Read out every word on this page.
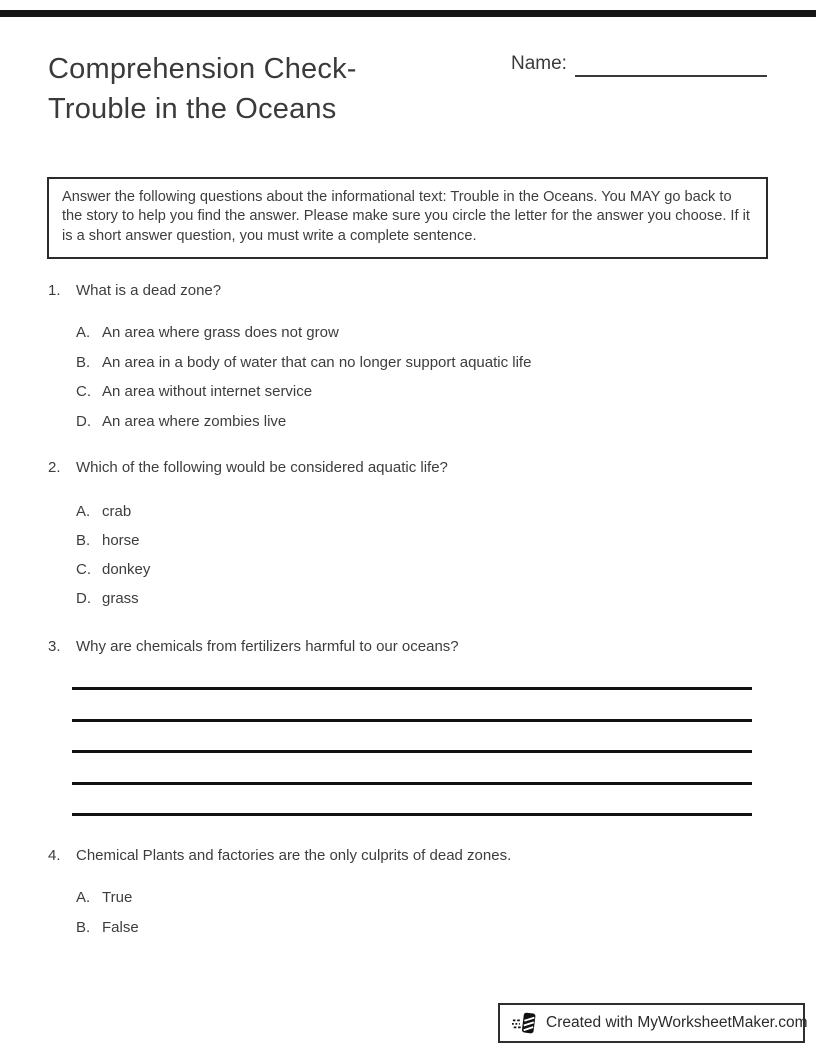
Comprehension Check-
Trouble in the Oceans
Name:
Answer the following questions about the informational text: Trouble in the Oceans. You MAY go back to the story to help you find the answer. Please make sure you circle the letter for the answer you choose. If it is a short answer question, you must write a complete sentence.
1.	What is a dead zone?
A. An area where grass does not grow
B. An area in a body of water that can no longer support aquatic life
C. An area without internet service
D. An area where zombies live
2.	Which of the following would be considered aquatic life?
A. crab
B. horse
C. donkey
D. grass
3.	Why are chemicals from fertilizers harmful to our oceans?
4.	Chemical Plants and factories are the only culprits of dead zones.
A. True
B. False
Created with MyWorksheetMaker.com
